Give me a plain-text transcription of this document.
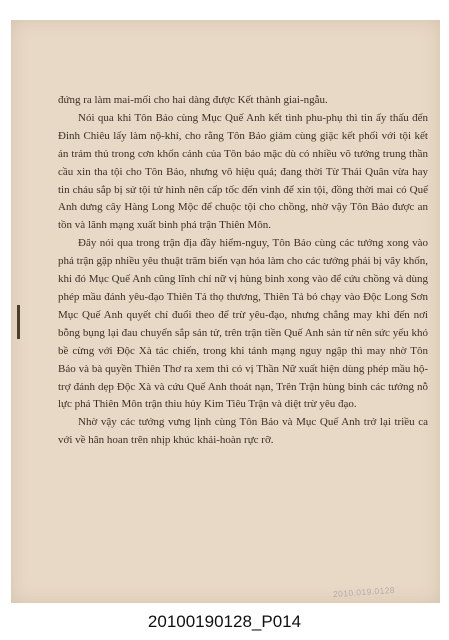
đứng ra làm mai-mối cho hai dàng được Kết thành giai-ngẫu.

Nói qua khi Tôn Bảo cùng Mục Quế Anh kết tình phu-phụ thì tin ấy thấu đến Đinh Chiêu lấy làm nộ-khí, cho rằng Tôn Bảo giảm cùng giặc kết phối với tội kết án trảm thủ trong cơn khốn cảnh của Tôn bảo mặc dù có nhiều võ tướng trung thần cầu xin tha tội cho Tôn Bảo, nhưng vô hiệu quả; đang thời Từ Thái Quân vừa hay tin cháu sắp bị sử tội tử hình nên cấp tốc đến vinh để xin tội, đồng thời mai có Quế Anh dưng cây Hàng Long Mộc để chuộc tội cho chồng, nhờ vậy Tôn Bảo được an tồn và lãnh mạng xuất binh phá trận Thiên Môn.

Đây nói qua trong trận địa đầy hiểm-nguy, Tôn Bảo cùng các tướng xong vào phá trận gặp nhiều yêu thuật trăm biến vạn hóa làm cho các tướng phải bị vây khốn, khi đó Mục Quế Anh cũng lĩnh chỉ nữ vị hùng binh xong vào để cứu chồng và dùng phép mầu đánh yêu-đạo Thiên Tả thọ thương, Thiên Tả bỏ chạy vào Độc Long Sơn Mục Quế Anh quyết chí đuổi theo để trừ yêu-đạo, nhưng chẳng may khi đến nơi bỗng bụng lại đau chuyển sắp sản tử, trên trận tiền Quế Anh sản từ nên sức yếu khó bề cừng với Độc Xà tác chiến, trong khi tánh mạng nguy ngập thì may nhờ Tôn Bảo và bà quyền Thiên Thơ ra xem thì có vị Thần Nữ xuất hiện dùng phép mầu hộ-trợ đánh dẹp Độc Xà và cứu Quế Anh thoát nạn, Trên Trận hùng binh các tướng nỗ lực phá Thiên Môn trận thiu hủy Kim Tiêu Trận và diệt trừ yêu đạo.

Nhờ vậy các tướng vưng lịnh cùng Tôn Bảo và Mục Quế Anh trở lại triều ca với về hân hoan trên nhịp khúc khải-hoàn rực rỡ.

2010.019.0128
20100190128_P014
